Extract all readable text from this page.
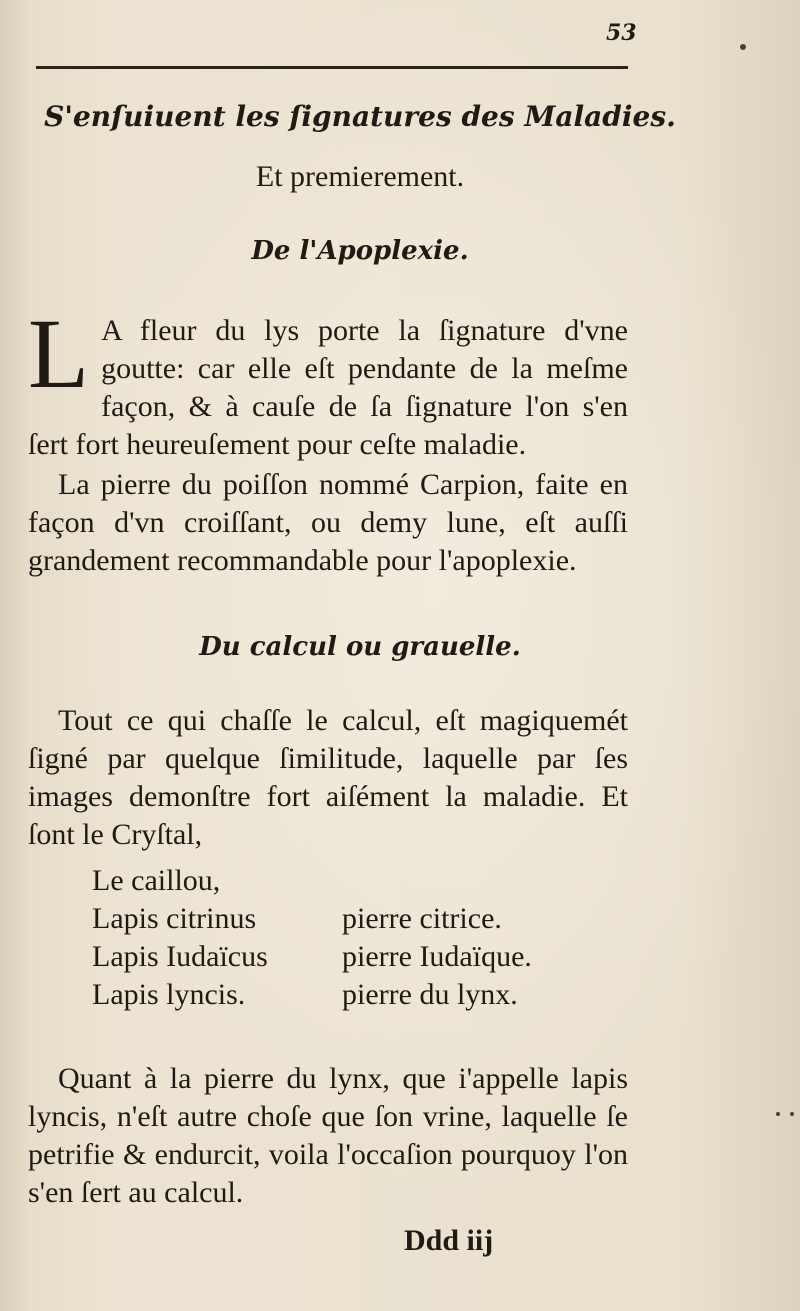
53
S'enſuiuent les ſignatures des Maladies.
Et premierement.
De l'Apoplexie.
L A fleur du lys porte la ſignature d'vne goutte: car elle eſt pendante de la meſme façon, & à cauſe de ſa ſignature l'on s'en ſert fort heureuſement pour ceſte maladie.

La pierre du poiſſon nommé Carpion, faite en façon d'vn croiſſant, ou demy lune, eſt auſſi grandement recommandable pour l'apoplexie.

Du calcul ou grauelle.

Tout ce qui chaſſe le calcul, eſt magiquemét ſigné par quelque ſimilitude, laquelle par ſes images demonſtre fort aiſément la maladie. Et ſont le Cryſtal,

Le caillou,
Lapis citrinus	pierre citrice.
Lapis Iudaïcus	pierre Iudaïque.
Lapis lyncis.	pierre du lynx.

Quant à la pierre du lynx, que i'appelle lapis lyncis, n'eſt autre choſe que ſon vrine, laquelle ſe petrifie & endurcit, voila l'occaſion pourquoy l'on s'en ſert au calcul.

Ddd iij
